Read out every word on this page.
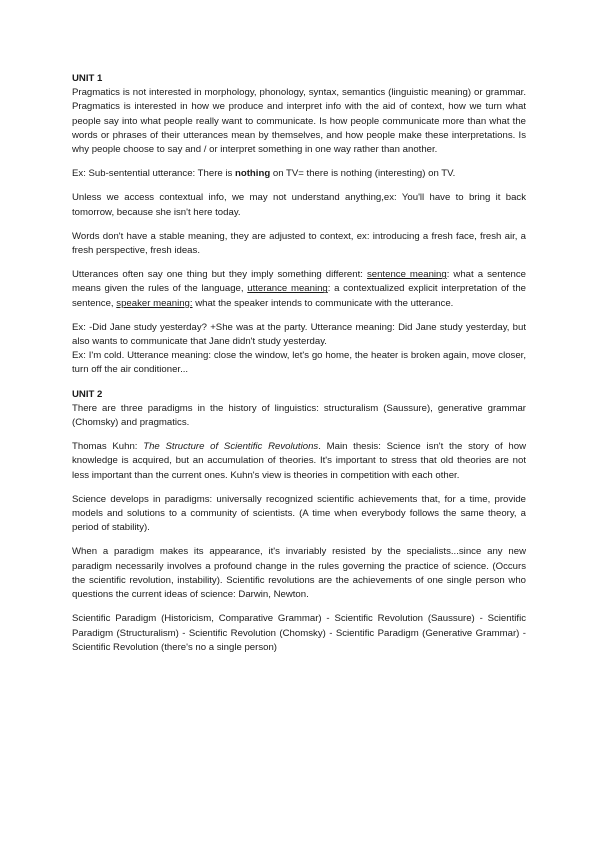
UNIT 1

Pragmatics is not interested in morphology, phonology, syntax, semantics (linguistic meaning) or grammar. Pragmatics is interested in how we produce and interpret info with the aid of context, how we turn what people say into what people really want to communicate. Is how people communicate more than what the words or phrases of their utterances mean by themselves, and how people make these interpretations. Is why people choose to say and / or interpret something in one way rather than another.

Ex: Sub-sentential utterance: There is nothing on TV= there is nothing (interesting) on TV.

Unless we access contextual info, we may not understand anything,ex: You'll have to bring it back tomorrow, because she isn't here today.

Words don't have a stable meaning, they are adjusted to context, ex: introducing a fresh face, fresh air, a fresh perspective, fresh ideas.

Utterances often say one thing but they imply something different: sentence meaning: what a sentence means given the rules of the language, utterance meaning: a contextualized explicit interpretation of the sentence, speaker meaning: what the speaker intends to communicate with the utterance.

Ex: -Did Jane study yesterday? +She was at the party. Utterance meaning: Did Jane study yesterday, but also wants to communicate that Jane didn't study yesterday.

Ex: I'm cold. Utterance meaning: close the window, let's go home, the heater is broken again, move closer, turn off the air conditioner...

UNIT 2

There are three paradigms in the history of linguistics: structuralism (Saussure), generative grammar (Chomsky) and pragmatics.

Thomas Kuhn: The Structure of Scientific Revolutions. Main thesis: Science isn't the story of how knowledge is acquired, but an accumulation of theories. It's important to stress that old theories are not less important than the current ones. Kuhn's view is theories in competition with each other.

Science develops in paradigms: universally recognized scientific achievements that, for a time, provide models and solutions to a community of scientists. (A time when everybody follows the same theory, a period of stability).

When a paradigm makes its appearance, it's invariably resisted by the specialists...since any new paradigm necessarily involves a profound change in the rules governing the practice of science. (Occurs the scientific revolution, instability). Scientific revolutions are the achievements of one single person who questions the current ideas of science: Darwin, Newton.

Scientific Paradigm (Historicism, Comparative Grammar) - Scientific Revolution (Saussure) - Scientific Paradigm (Structuralism) - Scientific Revolution (Chomsky) - Scientific Paradigm (Generative Grammar) - Scientific Revolution (there's no a single person)
